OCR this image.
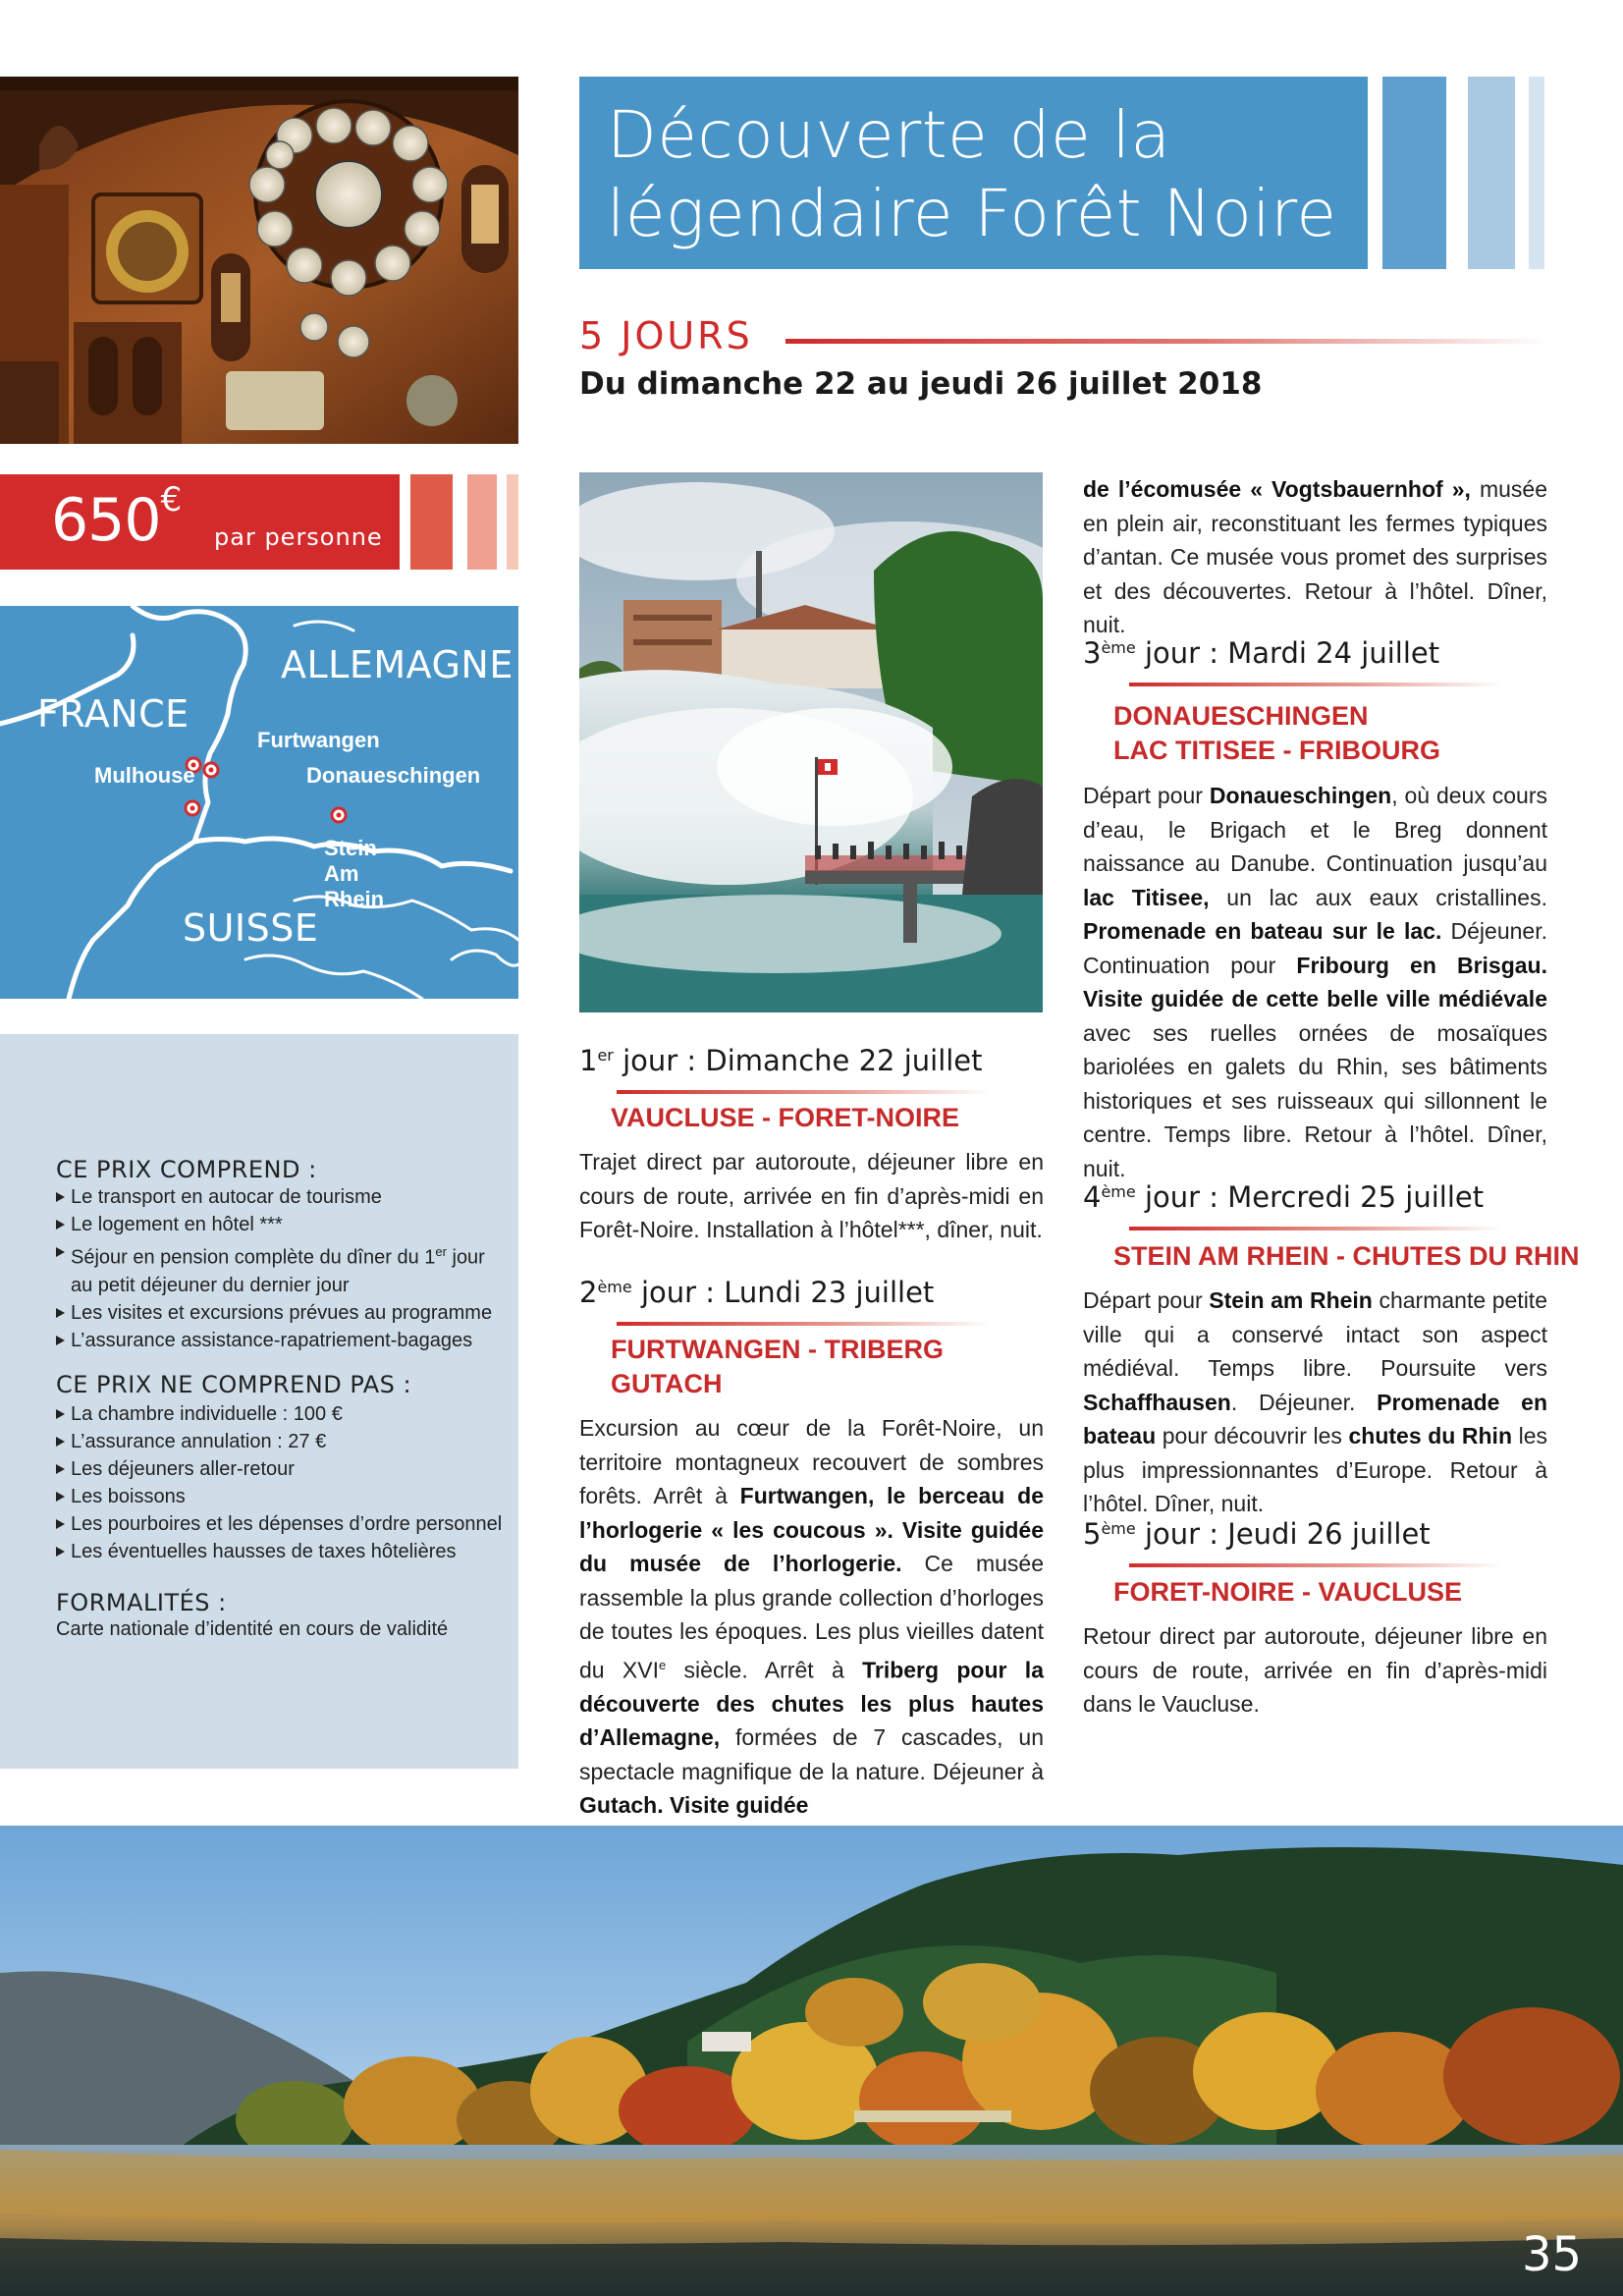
Découverte de la
légendaire Forêt Noire
5 JOURS
Du dimanche 22 au jeudi 26 juillet 2018
650€
par personne
FRANCE
ALLEMAGNE
SUISSE
Mulhouse
Furtwangen
Donaueschingen
Stein
Am
Rhein
CE PRIX COMPREND :
Le transport en autocar de tourisme
Le logement en hôtel ***
Séjour en pension complète du dîner du 1er jour
au petit déjeuner du dernier jour
Les visites et excursions prévues au programme
L’assurance assistance-rapatriement-bagages
CE PRIX NE COMPREND PAS :
La chambre individuelle : 100 €
L’assurance annulation : 27 €
Les déjeuners aller-retour
Les boissons
Les pourboires et les dépenses d’ordre personnel
Les éventuelles hausses de taxes hôtelières
FORMALITÉS :
Carte nationale d’identité en cours de validité
1er jour : Dimanche 22 juillet
VAUCLUSE - FORET-NOIRE
Trajet direct par autoroute, déjeuner libre en cours de route, arrivée en fin d’après-midi en Forêt-Noire. Installation à l’hôtel***, dîner, nuit.
2ème jour : Lundi 23 juillet
FURTWANGEN - TRIBERG
GUTACH
Excursion au cœur de la Forêt-Noire, un territoire montagneux recouvert de sombres forêts. Arrêt à Furtwangen, le berceau de l’horlogerie « les coucous ». Visite guidée du musée de l’horlogerie. Ce musée rassemble la plus grande collection d’horloges de toutes les époques. Les plus vieilles datent du XVIe siècle. Arrêt à Triberg pour la découverte des chutes les plus hautes d’Allemagne, formées de 7 cascades, un spectacle magnifique de la nature. Déjeuner à Gutach. Visite guidée
de l’écomusée « Vogtsbauernhof », musée en plein air, reconstituant les fermes typiques d’antan. Ce musée vous promet des surprises et des découvertes. Retour à l’hôtel. Dîner, nuit.
3ème jour : Mardi 24 juillet
DONAUESCHINGEN
LAC TITISEE - FRIBOURG
Départ pour Donaueschingen, où deux cours d’eau, le Brigach et le Breg donnent naissance au Danube. Continuation jusqu’au lac Titisee, un lac aux eaux cristallines. Promenade en bateau sur le lac. Déjeuner. Continuation pour Fribourg en Brisgau. Visite guidée de cette belle ville médiévale avec ses ruelles ornées de mosaïques bariolées en galets du Rhin, ses bâtiments historiques et ses ruisseaux qui sillonnent le centre. Temps libre. Retour à l’hôtel. Dîner, nuit.
4ème jour : Mercredi 25 juillet
STEIN AM RHEIN - CHUTES DU RHIN
Départ pour Stein am Rhein charmante petite ville qui a conservé intact son aspect médiéval. Temps libre. Poursuite vers Schaffhausen. Déjeuner. Promenade en bateau pour découvrir les chutes du Rhin les plus impressionnantes d’Europe. Retour à l’hôtel. Dîner, nuit.
5ème jour : Jeudi 26 juillet
FORET-NOIRE - VAUCLUSE
Retour direct par autoroute, déjeuner libre en cours de route, arrivée en fin d’après-midi dans le Vaucluse.
35
